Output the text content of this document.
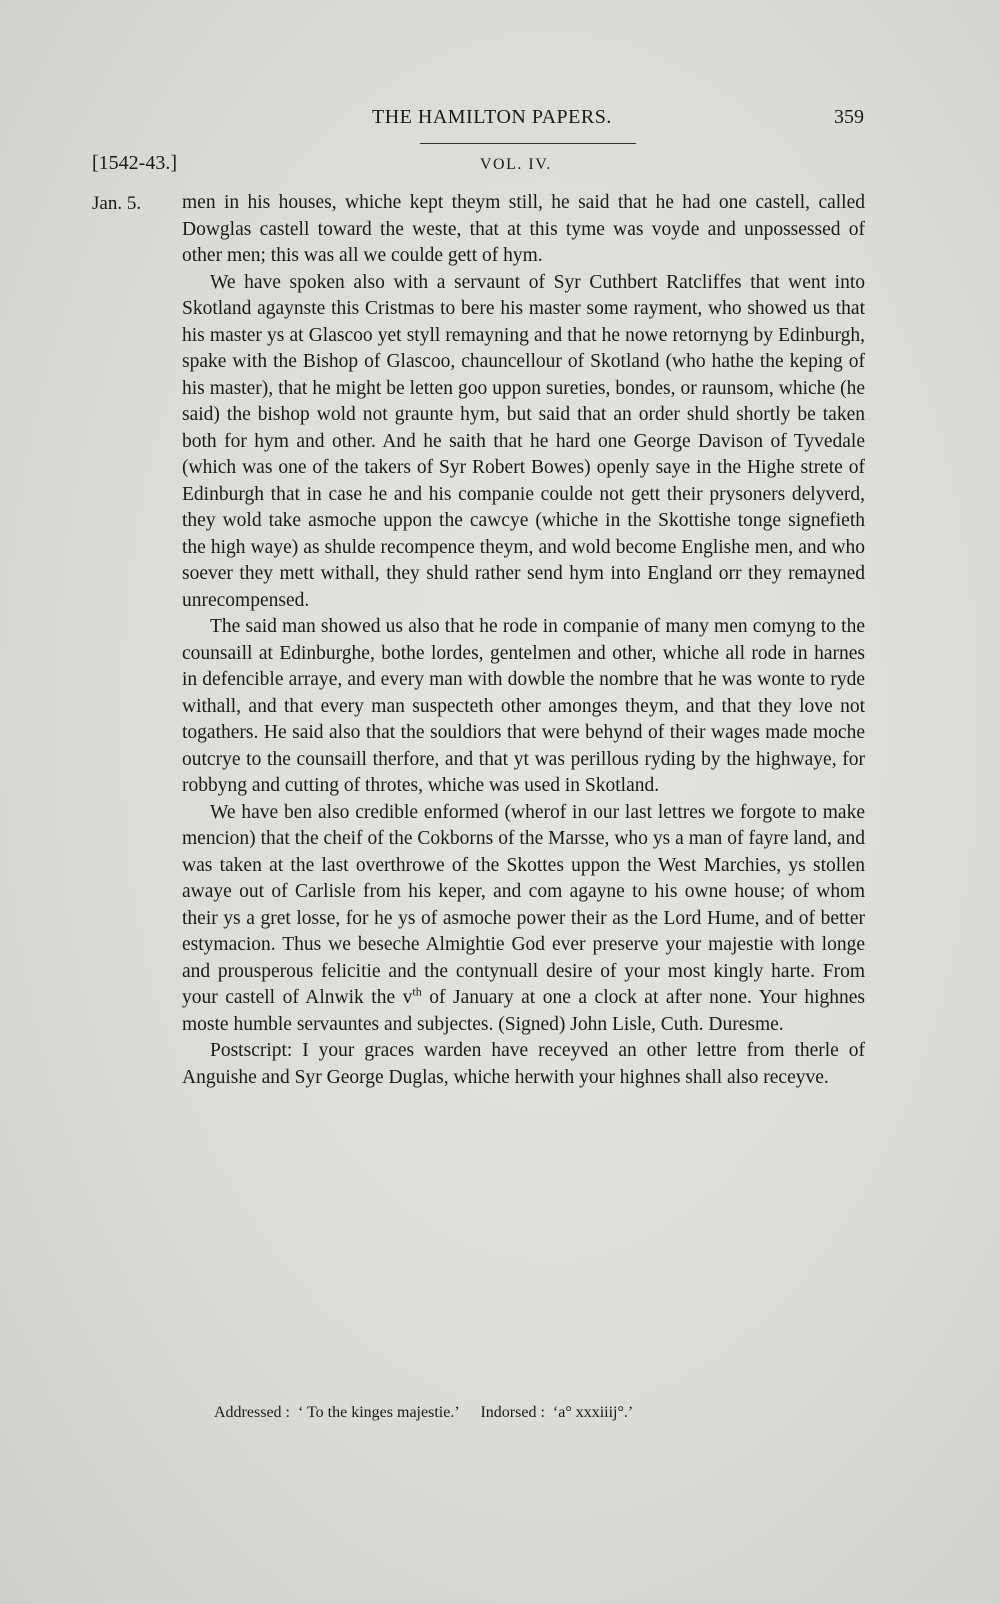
THE HAMILTON PAPERS.	359
[1542-43.]	VOL. IV.
Jan. 5. men in his houses, whiche kept theym still, he said that he had one castell, called Dowglas castell toward the weste, that at this tyme was voyde and unpossessed of other men; this was all we coulde gett of hym.

We have spoken also with a servaunt of Syr Cuthbert Ratcliffes that went into Skotland agaynste this Cristmas to bere his master some rayment, who showed us that his master ys at Glascoo yet styll remayning and that he nowe retornyng by Edinburgh, spake with the Bishop of Glascoo, chauncellour of Skotland (who hathe the keping of his master), that he might be letten goo uppon sureties, bondes, or raunsom, whiche (he said) the bishop wold not graunte hym, but said that an order shuld shortly be taken both for hym and other. And he saith that he hard one George Davison of Tyvedale (which was one of the takers of Syr Robert Bowes) openly saye in the Highe strete of Edinburgh that in case he and his companie coulde not gett their prysoners delyverd, they wold take asmoche uppon the cawcye (whiche in the Skottishe tonge signefieth the high waye) as shulde recompence theym, and wold become Englishe men, and who soever they mett withall, they shuld rather send hym into England orr they remayned unrecompensed.

The said man showed us also that he rode in companie of many men comyng to the counsaill at Edinburghe, bothe lordes, gentelmen and other, whiche all rode in harnes in defencible arraye, and every man with dowble the nombre that he was wonte to ryde withall, and that every man suspecteth other amonges theym, and that they love not togathers. He said also that the souldiors that were behynd of their wages made moche outcrye to the counsaill therfore, and that yt was perillous ryding by the highwaye, for robbyng and cutting of throtes, whiche was used in Skotland.

We have ben also credible enformed (wherof in our last lettres we forgote to make mencion) that the cheif of the Cokborns of the Marsse, who ys a man of fayre land, and was taken at the last overthrowe of the Skottes uppon the West Marchies, ys stollen awaye out of Carlisle from his keper, and com agayne to his owne house; of whom their ys a gret losse, for he ys of asmoche power their as the Lord Hume, and of better estymacion. Thus we beseche Almightie God ever preserve your majestie with longe and prousperous felicitie and the contynuall desire of your most kingly harte. From your castell of Alnwik the $v^{th}$ of January at one a clock at after none. Your highnes moste humble servauntes and subjectes. (Signed) John Lisle, Cuth. Duresme.

Postscript: I your graces warden have receyved an other lettre from therle of Anguishe and Syr George Duglas, whiche herwith your highnes shall also receyve.

Addressed : ‘ To the kinges majestie.’ Indorsed : ‘a° xxxiiij°.’
